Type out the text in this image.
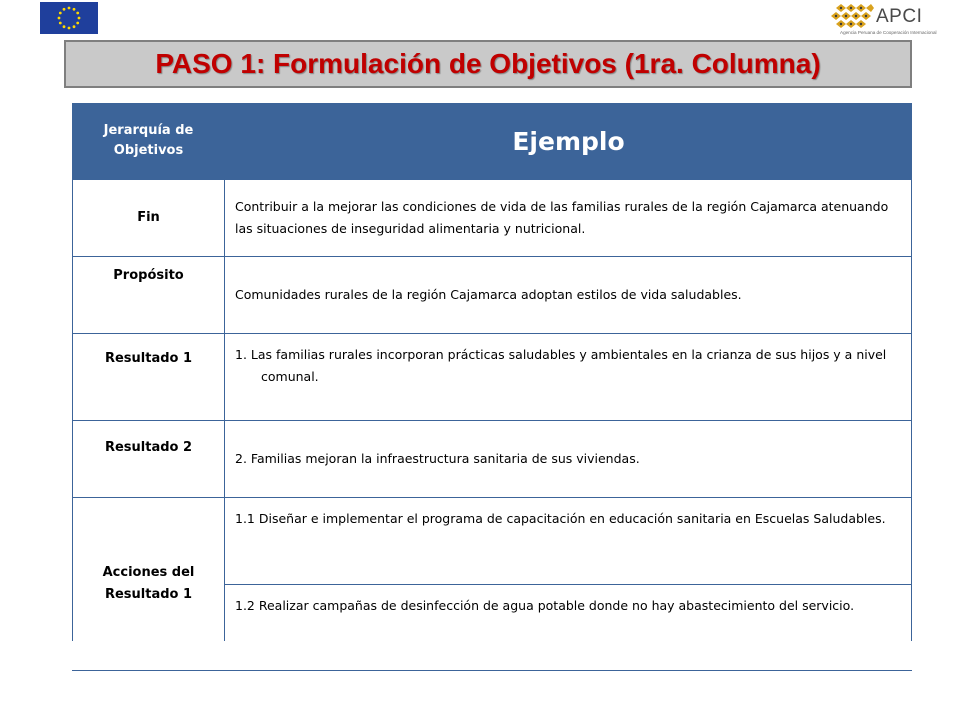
APCI
Agencia Peruana de Cooperación Internacional
PASO 1: Formulación de Objetivos (1ra. Columna)
Jerarquía de Objetivos	Ejemplo
Fin	Contribuir a la mejorar las condiciones de vida de las familias rurales de la región Cajamarca atenuando las situaciones de inseguridad alimentaria y nutricional.

Propósito	Comunidades rurales de la región Cajamarca adoptan estilos de vida saludables.

Resultado 1	1. Las familias rurales incorporan prácticas saludables y ambientales en la crianza de sus hijos y a nivel comunal.

Resultado 2	2. Familias mejoran la infraestructura sanitaria de sus viviendas.
Acciones del Resultado 1	1.1 Diseñar e implementar el programa de capacitación en educación sanitaria en Escuelas Saludables.

	1.2 Realizar campañas de desinfección de agua potable donde no hay abastecimiento del servicio.
